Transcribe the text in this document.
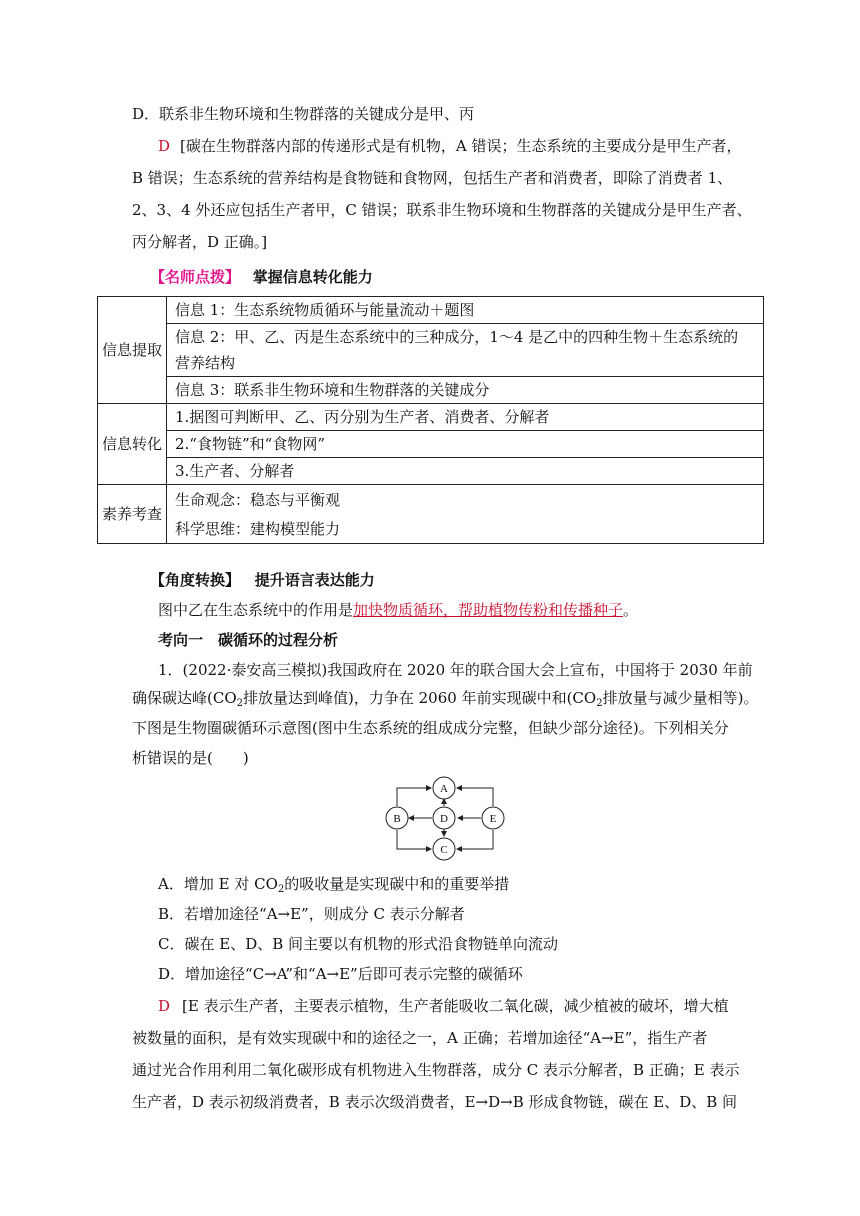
D．联系非生物环境和生物群落的关键成分是甲、丙
D [碳在生物群落内部的传递形式是有机物，A 错误；生态系统的主要成分是甲生产者，
B 错误；生态系统的营养结构是食物链和食物网，包括生产者和消费者，即除了消费者 1、
2、3、4 外还应包括生产者甲，C 错误；联系非生物环境和生物群落的关键成分是甲生产者、
丙分解者，D 正确。]
【名师点拨】 掌握信息转化能力
信息提取	信息 1：生态系统物质循环与能量流动＋题图

	信息 2：甲、乙、丙是生态系统中的三种成分，1～4 是乙中的四种生物＋生态系统的
营养结构

	信息 3：联系非生物环境和生物群落的关键成分
信息转化	1.据图可判断甲、乙、丙分别为生产者、消费者、分解者
	2.“食物链”和“食物网”
	3.生产者、分解者
素养考查	生命观念：稳态与平衡观
科学思维：建构模型能力
【角度转换】 提升语言表达能力
图中乙在生态系统中的作用是加快物质循环，帮助植物传粉和传播种子。
考向一　碳循环的过程分析
1．(2022·泰安高三模拟)我国政府在 2020 年的联合国大会上宣布，中国将于 2030 年前
确保碳达峰($CO_2$排放量达到峰值)，力争在 2060 年前实现碳中和($CO_2$排放量与减少量相等)。
下图是生物圈碳循环示意图(图中生态系统的组成成分完整，但缺少部分途径)。下列相关分
析错误的是(　　)
A
B
C
D	E
A．增加 E 对 $CO_2$的吸收量是实现碳中和的重要举措
B．若增加途径“A→E”，则成分 C 表示分解者
C．碳在 E、D、B 间主要以有机物的形式沿食物链单向流动
D．增加途径“C→A”和“A→E”后即可表示完整的碳循环
D [E 表示生产者，主要表示植物，生产者能吸收二氧化碳，减少植被的破坏，增大植
被数量的面积，是有效实现碳中和的途径之一，A 正确；若增加途径“A→E”，指生产者
通过光合作用利用二氧化碳形成有机物进入生物群落，成分 C 表示分解者，B 正确；E 表示
生产者，D 表示初级消费者，B 表示次级消费者，E→D→B 形成食物链，碳在 E、D、B 间
